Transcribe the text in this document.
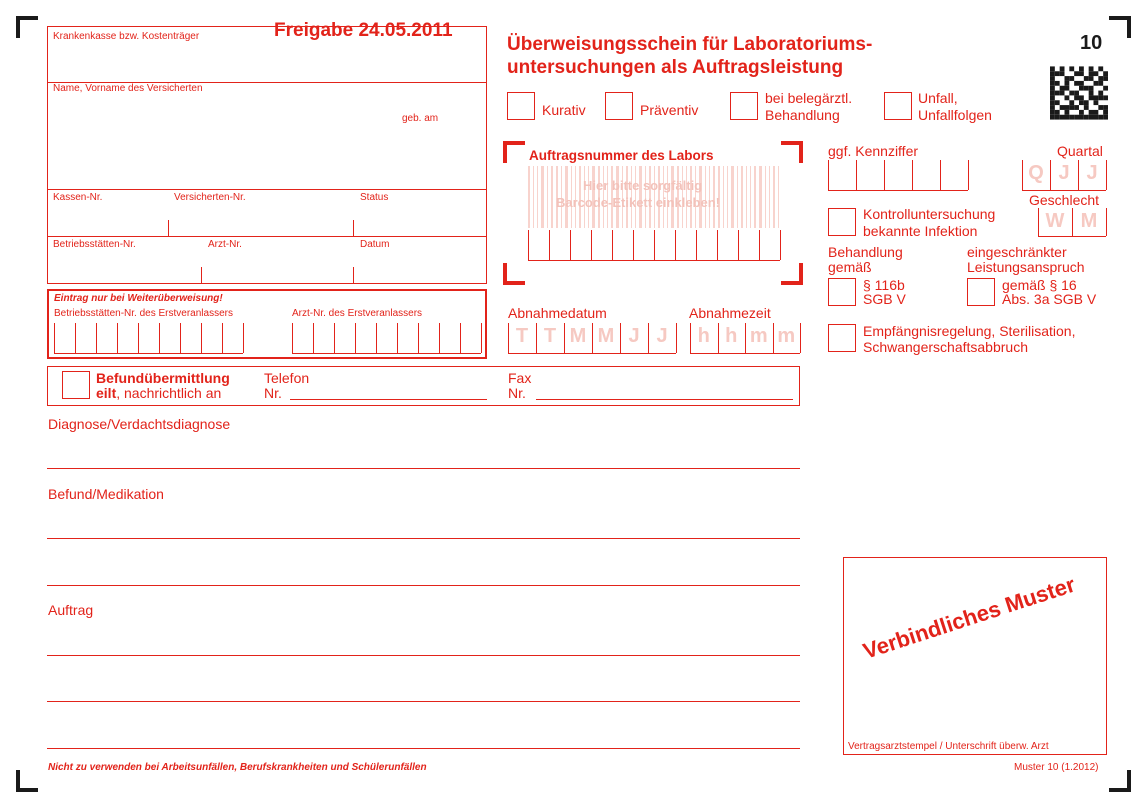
Krankenkasse bzw. Kostenträger	Freigabe 24.05.2011
Name, Vorname des Versicherten
geb. am
Kassen-Nr.	Versicherten-Nr.	Status
Betriebsstätten-Nr.	Arzt-Nr.	Datum
Eintrag nur bei Weiterüberweisung!
Betriebsstätten-Nr. des Erstveranlassers	Arzt-Nr. des Erstveranlassers
Überweisungsschein für Laboratoriums-
untersuchungen als Auftragsleistung
10
Kurativ	Präventiv
bei belegärztl.
Behandlung
Unfall,
Unfallfolgen
Auftragsnummer des Labors
Hier bitte sorgfältig
Barcode-Etikett einkleben!
Abnahmedatum	Abnahmezeit
T T M M J J	h h m m
ggf. Kennziffer	Quartal
Q J J
Geschlecht
W M
Kontrolluntersuchung
bekannte Infektion
Behandlung
gemäß
eingeschränkter
Leistungsanspruch
§ 116b
SGB V
gemäß § 16
Abs. 3a SGB V
Empfängnisregelung, Sterilisation,
Schwangerschaftsabbruch
Befundübermittlung
eilt, nachrichtlich an
Telefon
Nr.
Fax
Nr.
Diagnose/Verdachtsdiagnose
Befund/Medikation
Auftrag	Verbindliches Muster
Vertragsarztstempel / Unterschrift überw. Arzt
Nicht zu verwenden bei Arbeitsunfällen, Berufskrankheiten und Schülerunfällen	Muster 10 (1.2012)
